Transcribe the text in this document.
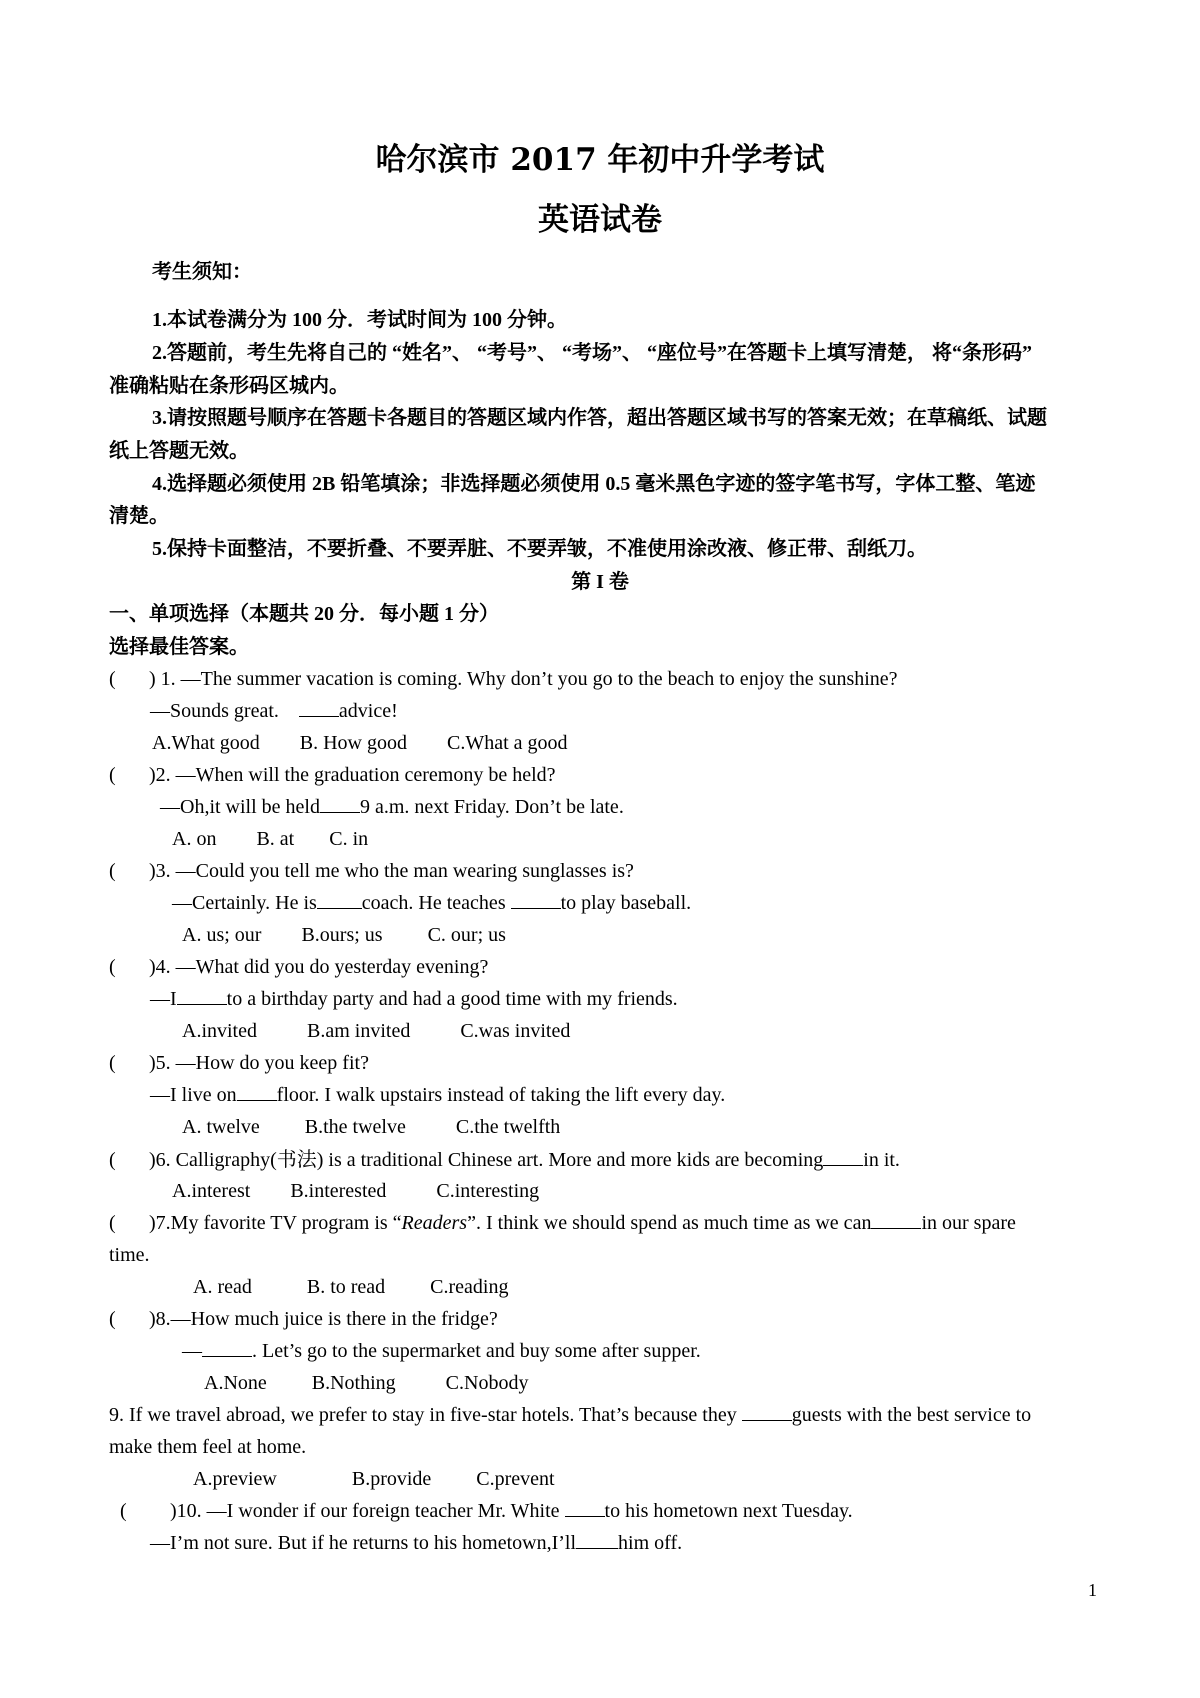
哈尔滨市 2017 年初中升学考试
英语试卷
考生须知：
1.本试卷满分为 100 分．考试时间为 100 分钟。
2.答题前，考生先将自己的 “姓名”、 “考号”、 “考场”、 “座位号”在答题卡上填写清楚， 将“条形码”
准确粘贴在条形码区城内。
3.请按照题号顺序在答题卡各题目的答题区域内作答，超出答题区域书写的答案无效；在草稿纸、试题
纸上答题无效。
4.选择题必须使用 2B 铅笔填涂；非选择题必须使用 0.5 毫米黑色字迹的签字笔书写，字体工整、笔迹
清楚。
5.保持卡面整洁，不要折叠、不要弄脏、不要弄皱，不准使用涂改液、修正带、刮纸刀。
第 I 卷
一、单项选择（本题共 20 分．每小题 1 分）
选择最佳答案。
( ) 1. —The summer vacation is coming. Why don’t you go to the beach to enjoy the sunshine?
—Sounds great.	advice!
A.What good B. How good C.What a good
( )2. —When will the graduation ceremony be held?
—Oh,it will be held 9 a.m. next Friday. Don’t be late.
A. on B. at C. in
( )3. —Could you tell me who the man wearing sunglasses is?
—Certainly. He is coach. He teaches	to play baseball.
A. us; our B.ours; us C. our; us
( )4. —What did you do yesterday evening?
—I	to a birthday party and had a good time with my friends.
A.invited	B.am invited	C.was invited
( )5. —How do you keep fit?
—I live on floor. I walk upstairs instead of taking the lift every day.
A. twelve B.the twelve	C.the twelfth
( )6. Calligraphy(书法) is a traditional Chinese art. More and more kids are becoming in it.
A.interest B.interested	C.interesting
( )7.My favorite TV program is “Readers”. I think we should spend as much time as we can	in our spare
time.
A. read	B. to read C.reading
( )8.—How much juice is there in the fridge?
—	. Let’s go to the supermarket and buy some after supper.
A.None B.Nothing	C.Nobody
9. If we travel abroad, we prefer to stay in five-star hotels. That’s because they	guests with the best service to
make them feel at home.
A.preview	B.provide C.prevent
( )10. —I wonder if our foreign teacher Mr. White to his hometown next Tuesday.
—I’m not sure. But if he returns to his hometown,I’ll him off.
1
